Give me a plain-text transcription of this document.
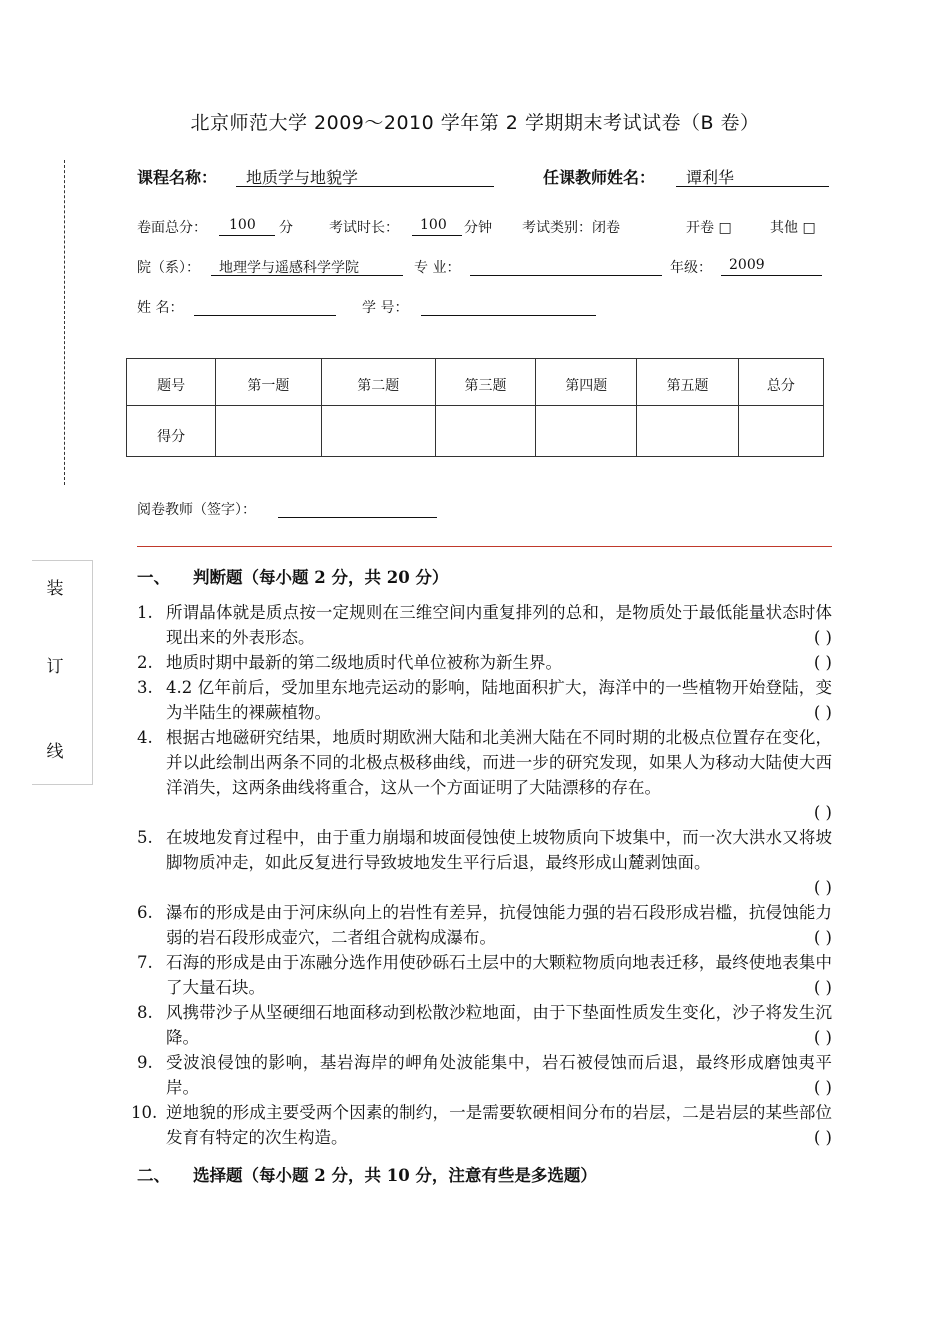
北京师范大学 2009～2010 学年第 2 学期期末考试试卷（B 卷）
课程名称：	地质学与地貌学	任课教师姓名：	谭利华
卷面总分：	100	分	考试时长：	100	分钟 考试类别：闭卷	开卷 □	其他 □
院（系）：	地理学与遥感科学学院	专 业：	年级：	2009
姓 名：	学 号：
题号	第一题	第二题	第三题	第四题	第五题	总分
得分						
阅卷教师（签字）：
装
订
线
一、 判断题（每小题 2 分，共 20 分）
1. 所谓晶体就是质点按一定规则在三维空间内重复排列的总和，是物质处于最低能量状态时体现出来的外表形态。	( )
2. 地质时期中最新的第二级地质时代单位被称为新生界。	( )
3. 4.2 亿年前后，受加里东地壳运动的影响，陆地面积扩大，海洋中的一些植物开始登陆，变为半陆生的裸蕨植物。	( )
4. 根据古地磁研究结果，地质时期欧洲大陆和北美洲大陆在不同时期的北极点位置存在变化，并以此绘制出两条不同的北极点极移曲线，而进一步的研究发现，如果人为移动大陆使大西洋消失，这两条曲线将重合，这从一个方面证明了大陆漂移的存在。
( )
5. 在坡地发育过程中，由于重力崩塌和坡面侵蚀使上坡物质向下坡集中，而一次大洪水又将坡脚物质冲走，如此反复进行导致坡地发生平行后退，最终形成山麓剥蚀面。
( )
6. 瀑布的形成是由于河床纵向上的岩性有差异，抗侵蚀能力强的岩石段形成岩槛，抗侵蚀能力弱的岩石段形成壶穴，二者组合就构成瀑布。	( )
7. 石海的形成是由于冻融分选作用使砂砾石土层中的大颗粒物质向地表迁移，最终使地表集中了大量石块。	( )
8. 风携带沙子从坚硬细石地面移动到松散沙粒地面，由于下垫面性质发生变化，沙子将发生沉降。	( )
9. 受波浪侵蚀的影响，基岩海岸的岬角处波能集中，岩石被侵蚀而后退，最终形成磨蚀夷平岸。	( )
10. 逆地貌的形成主要受两个因素的制约，一是需要软硬相间分布的岩层，二是岩层的某些部位发育有特定的次生构造。	( )
二、 选择题（每小题 2 分，共 10 分，注意有些是多选题）
